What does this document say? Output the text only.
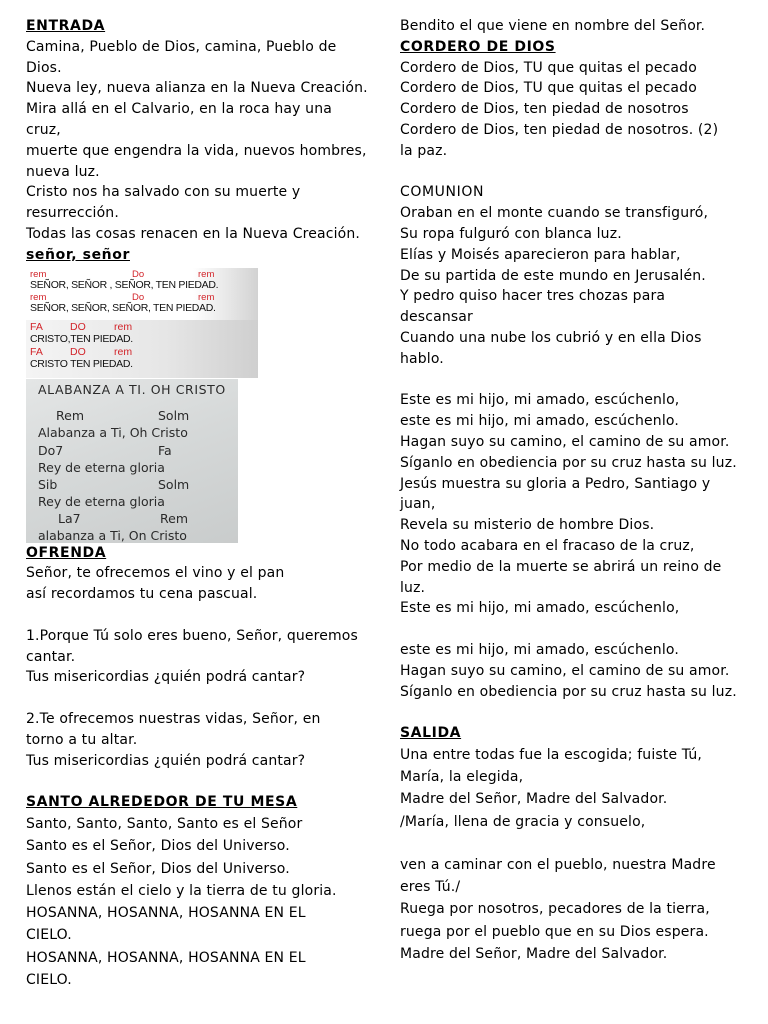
ENTRADA
Camina, Pueblo de Dios, camina, Pueblo de
Dios.
Nueva ley, nueva alianza en la Nueva Creación.
Mira allá en el Calvario, en la roca hay una
cruz,
muerte que engendra la vida, nuevos hombres,
nueva luz.
Cristo nos ha salvado con su muerte y
resurrección.
Todas las cosas renacen en la Nueva Creación.
señor, señor
rem	Do	rem
SEÑOR, SEÑOR , SEÑOR, TEN PIEDAD.
rem	Do	rem
SEÑOR, SEÑOR, SEÑOR, TEN PIEDAD.
FA	DO	rem
CRISTO,TEN PIEDAD.
FA	DO	rem
CRISTO TEN PIEDAD.
ALABANZA A TI. OH CRISTO
Rem	Solm
Alabanza a Ti, Oh Cristo
Do7	Fa
Rey de eterna gloria
Sib	Solm
Rey de eterna gloria
La7	Rem
alabanza a Ti, On Cristo
OFRENDA
Señor, te ofrecemos el vino y el pan
así recordamos tu cena pascual.
1.Porque Tú solo eres bueno, Señor, queremos
cantar.
Tus misericordias ¿quién podrá cantar?
2.Te ofrecemos nuestras vidas, Señor, en
torno a tu altar.
Tus misericordias ¿quién podrá cantar?
SANTO ALREDEDOR DE TU MESA
Santo, Santo, Santo, Santo es el Señor
Santo es el Señor, Dios del Universo.
Santo es el Señor, Dios del Universo.
Llenos están el cielo y la tierra de tu gloria.
HOSANNA, HOSANNA, HOSANNA EN EL
CIELO.
HOSANNA, HOSANNA, HOSANNA EN EL
CIELO.
Bendito el que viene en nombre del Señor.
CORDERO DE DIOS
Cordero de Dios, TU que quitas el pecado
Cordero de Dios, TU que quitas el pecado
Cordero de Dios, ten piedad de nosotros
Cordero de Dios, ten piedad de nosotros. (2)
la paz.
COMUNION
Oraban en el monte cuando se transfiguró,
Su ropa fulguró con blanca luz.
Elías y Moisés aparecieron para hablar,
De su partida de este mundo en Jerusalén.
Y pedro quiso hacer tres chozas para
descansar
Cuando una nube los cubrió y en ella Dios
hablo.
Este es mi hijo, mi amado, escúchenlo,
este es mi hijo, mi amado, escúchenlo.
Hagan suyo su camino, el camino de su amor.
Síganlo en obediencia por su cruz hasta su luz.
Jesús muestra su gloria a Pedro, Santiago y
juan,
Revela su misterio de hombre Dios.
No todo acabara en el fracaso de la cruz,
Por medio de la muerte se abrirá un reino de
luz.
Este es mi hijo, mi amado, escúchenlo,
este es mi hijo, mi amado, escúchenlo.
Hagan suyo su camino, el camino de su amor.
Síganlo en obediencia por su cruz hasta su luz.
SALIDA
Una entre todas fue la escogida; fuiste Tú,
María, la elegida,
Madre del Señor, Madre del Salvador.
/María, llena de gracia y consuelo,
ven a caminar con el pueblo, nuestra Madre
eres Tú./
Ruega por nosotros, pecadores de la tierra,
ruega por el pueblo que en su Dios espera.
Madre del Señor, Madre del Salvador.
